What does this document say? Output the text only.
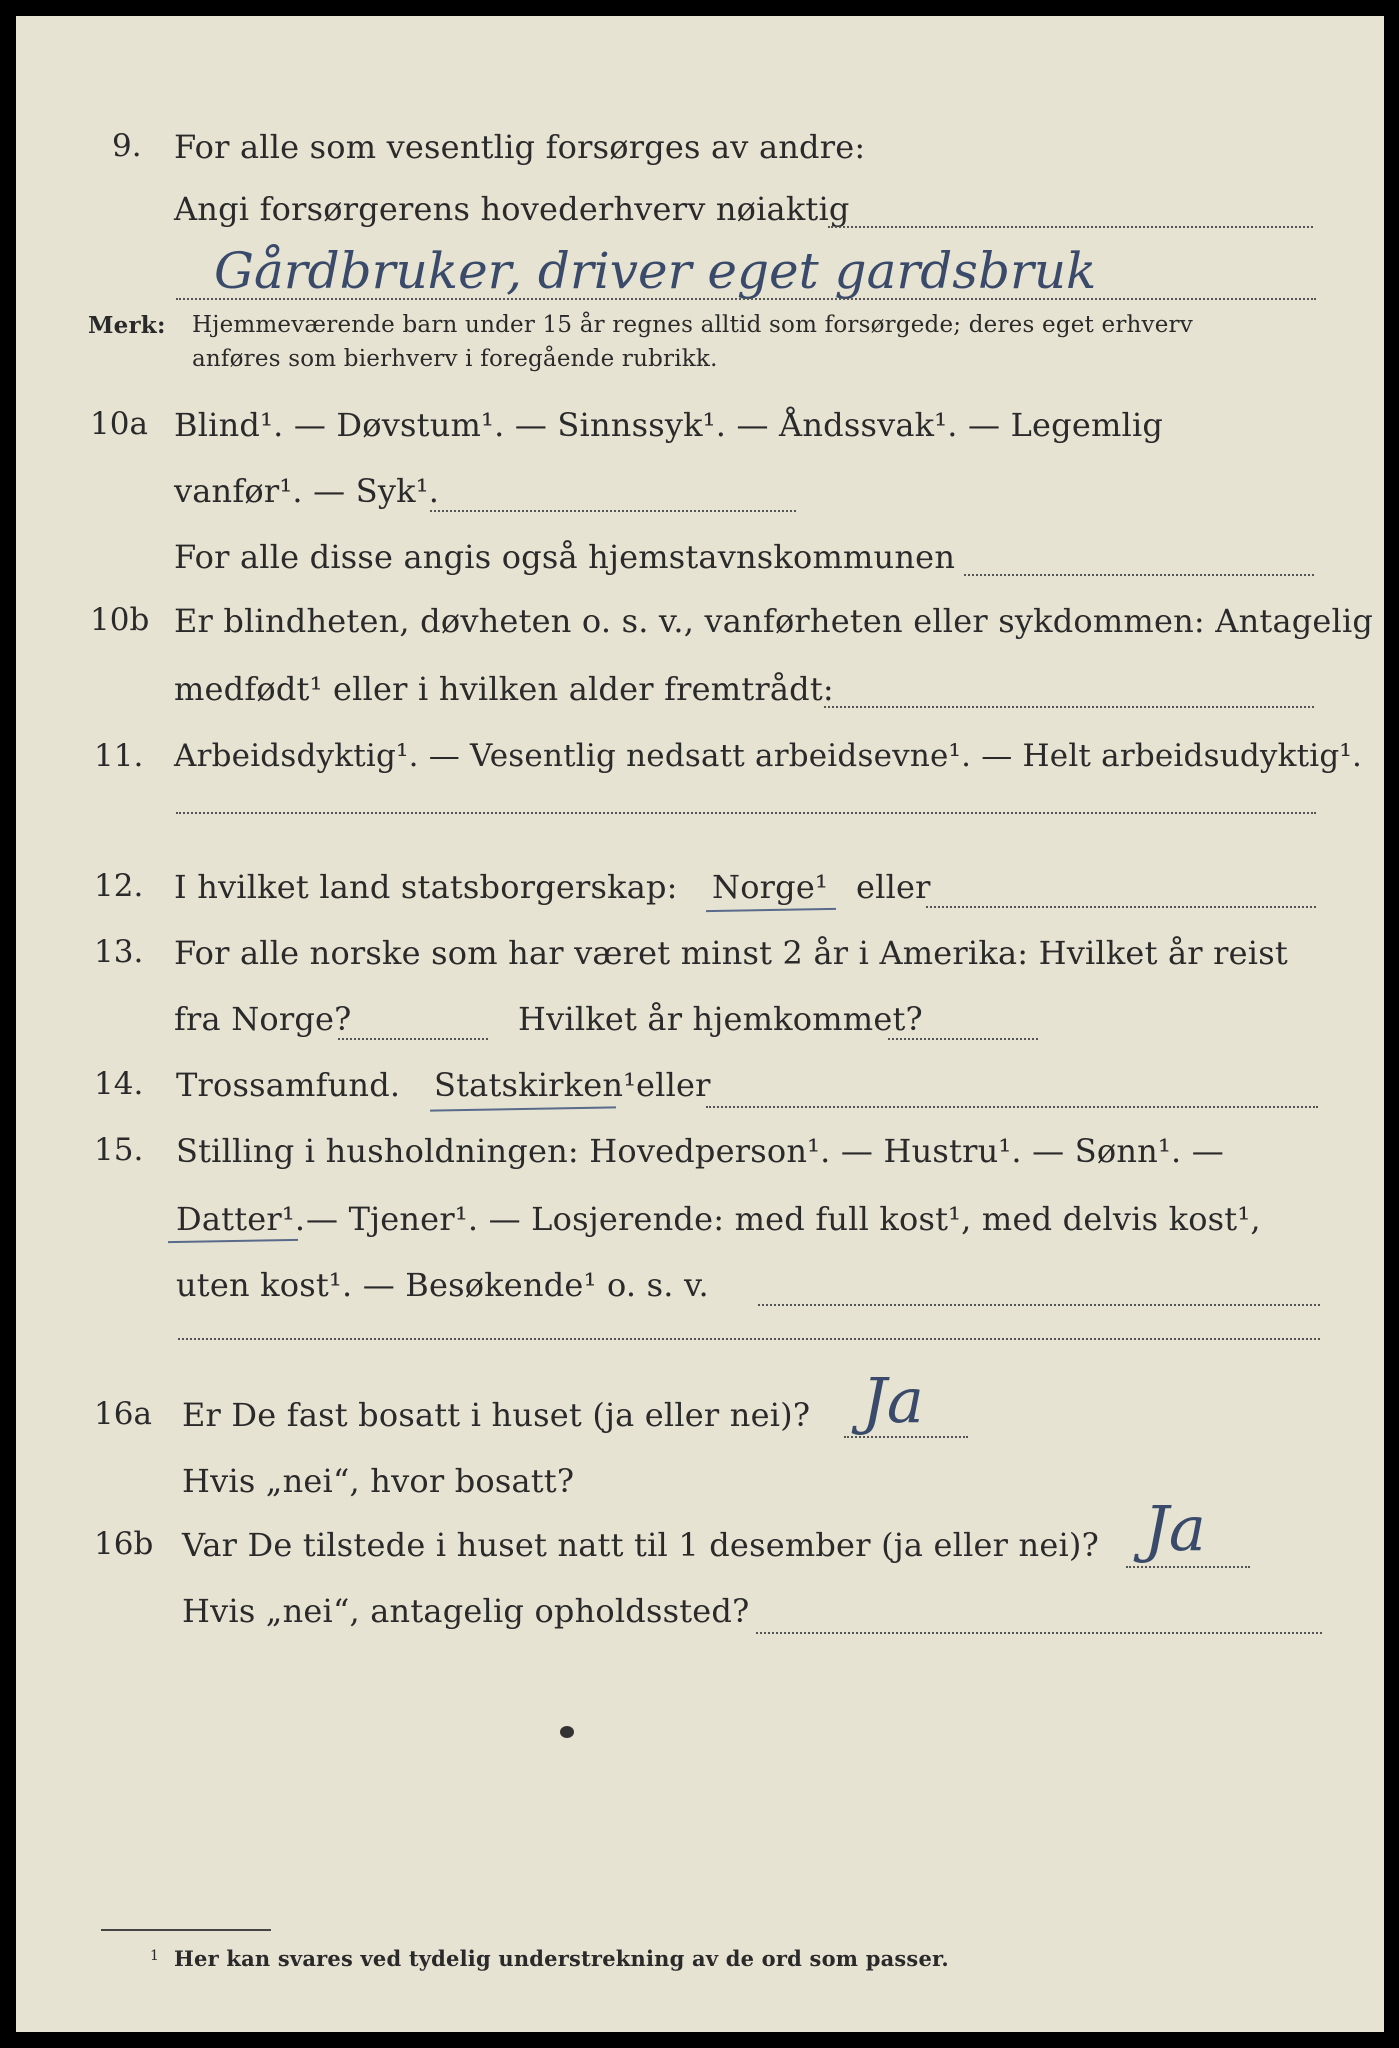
9. For alle som vesentlig forsørges av andre:
Angi forsørgerens hovederhverv nøiaktig
Gårdbruker, driver eget gardsbruk
Merk: Hjemmeværende barn under 15 år regnes alltid som forsørgede; deres eget erhverv
anføres som bierhverv i foregående rubrikk.
10a Blind¹. — Døvstum¹. — Sinnssyk¹. — Åndssvak¹. — Legemlig
vanfør¹. — Syk¹.
For alle disse angis også hjemstavnskommunen
10b Er blindheten, døvheten o. s. v., vanførheten eller sykdommen: Antagelig
medfødt¹ eller i hvilken alder fremtrådt:
11. Arbeidsdyktig¹. — Vesentlig nedsatt arbeidsevne¹. — Helt arbeidsudyktig¹.
12. I hvilket land statsborgerskap: Norge¹ eller
13. For alle norske som har været minst 2 år i Amerika: Hvilket år reist
fra Norge?	Hvilket år hjemkommet?
14. Trossamfund. Statskirken¹ eller
15. Stilling i husholdningen: Hovedperson¹. — Hustru¹. — Sønn¹. —
Datter¹. — Tjener¹. — Losjerende: med full kost¹, med delvis kost¹,
uten kost¹. — Besøkende¹ o. s. v.
16a Er De fast bosatt i huset (ja eller nei)? Ja
Hvis „nei“, hvor bosatt?
16b Var De tilstede i huset natt til 1 desember (ja eller nei)? Ja
Hvis „nei“, antagelig opholdssted?
1 Her kan svares ved tydelig understrekning av de ord som passer.
